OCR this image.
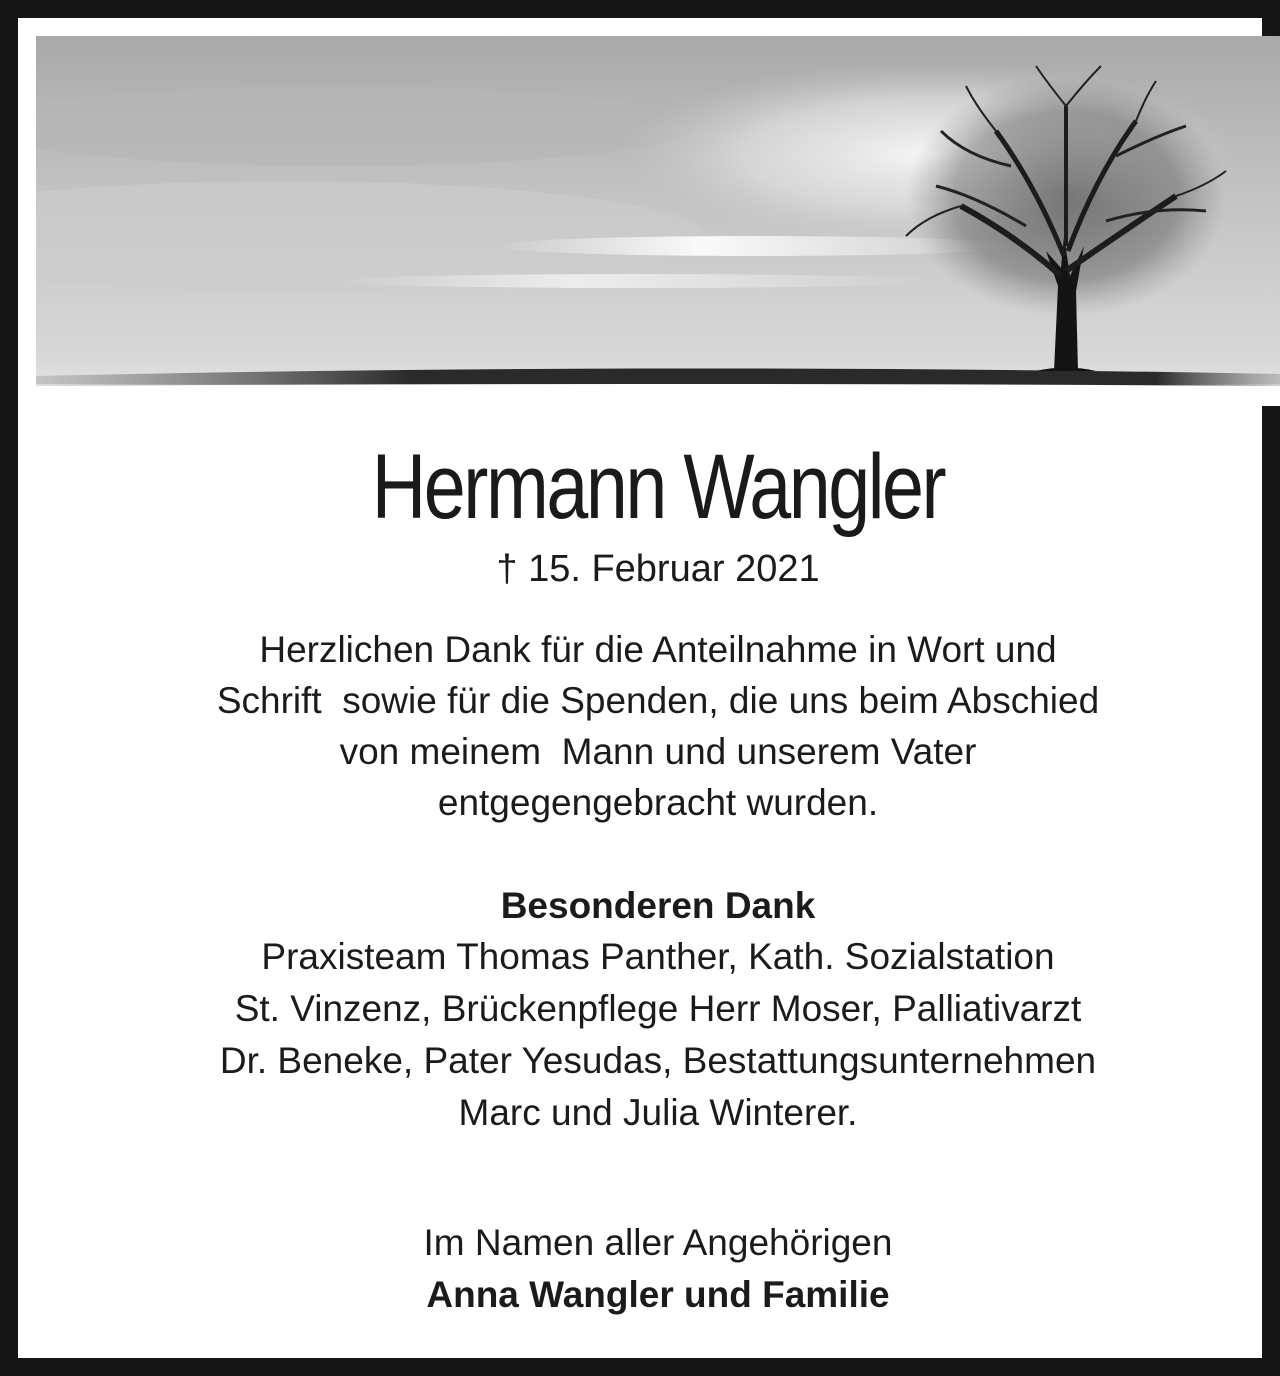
Hermann Wangler
† 15. Februar 2021
Herzlichen Dank für die Anteilnahme in Wort und
Schrift  sowie für die Spenden, die uns beim Abschied
von meinem  Mann und unserem Vater
entgegengebracht wurden.
Besonderen Dank
Praxisteam Thomas Panther, Kath. Sozialstation
St. Vinzenz, Brückenpflege Herr Moser, Palliativarzt
Dr. Beneke, Pater Yesudas, Bestattungsunternehmen
Marc und Julia Winterer.
Im Namen aller Angehörigen
Anna Wangler und Familie
